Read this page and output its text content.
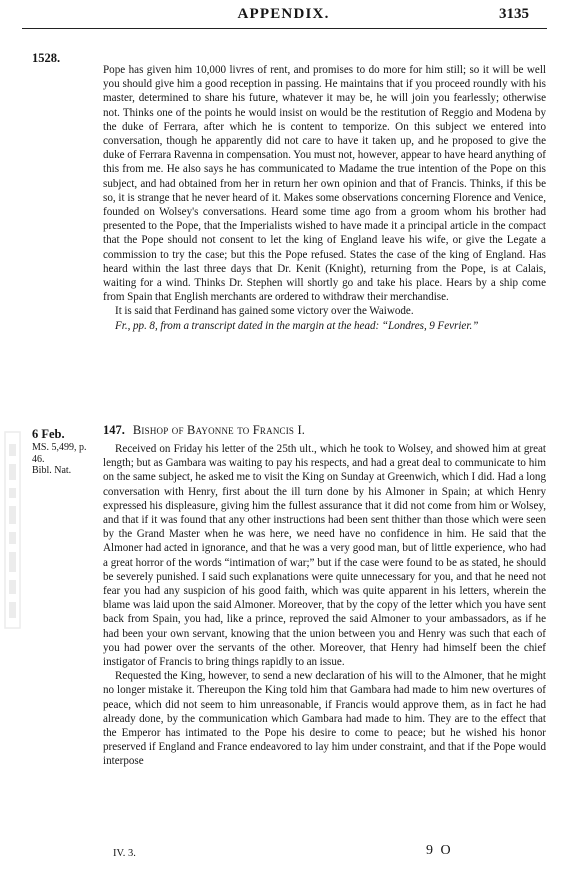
APPENDIX.	3135
1528.

Pope has given him 10,000 livres of rent, and promises to do more for him still; so it will be well you should give him a good reception in passing. He maintains that if you proceed roundly with his master, determined to share his future, whatever it may be, he will join you fearlessly; otherwise not. Thinks one of the points he would insist on would be the restitution of Reggio and Modena by the duke of Ferrara, after which he is content to temporize. On this subject we entered into conversation, though he apparently did not care to have it taken up, and he proposed to give the duke of Ferrara Ravenna in compensation. You must not, however, appear to have heard anything of this from me. He also says he has communicated to Madame the true intention of the Pope on this subject, and had obtained from her in return her own opinion and that of Francis. Thinks, if this be so, it is strange that he never heard of it. Makes some observations concerning Florence and Venice, founded on Wolsey's conversations. Heard some time ago from a groom whom his brother had presented to the Pope, that the Imperialists wished to have made it a principal article in the compact that the Pope should not consent to let the king of England leave his wife, or give the Legate a commission to try the case; but this the Pope refused. States the case of the king of England. Has heard within the last three days that Dr. Kenit (Knight), returning from the Pope, is at Calais, waiting for a wind. Thinks Dr. Stephen will shortly go and take his place. Hears by a ship come from Spain that English merchants are ordered to withdraw their merchandise.

It is said that Ferdinand has gained some victory over the Waiwode.

Fr., pp. 8, from a transcript dated in the margin at the head: “Londres, 9 Fevrier.”

147. Bishop of Bayonne to Francis I.
6 Feb.
MS. 5,499, p. 46.
Bibl. Nat.

Received on Friday his letter of the 25th ult., which he took to Wolsey, and showed him at great length; but as Gambara was waiting to pay his respects, and had a great deal to communicate to him on the same subject, he asked me to visit the King on Sunday at Greenwich, which I did. Had a long conversation with Henry, first about the ill turn done by his Almoner in Spain; at which Henry expressed his displeasure, giving him the fullest assurance that it did not come from him or Wolsey, and that if it was found that any other instructions had been sent thither than those which were seen by the Grand Master when he was here, we need have no confidence in him. He said that the Almoner had acted in ignorance, and that he was a very good man, but of little experience, who had a great horror of the words “intimation of war;” but if the case were found to be as stated, he should be severely punished. I said such explanations were quite unnecessary for you, and that he need not fear you had any suspicion of his good faith, which was quite apparent in his letters, wherein the blame was laid upon the said Almoner. Moreover, that by the copy of the letter which you have sent back from Spain, you had, like a prince, reproved the said Almoner to your ambassadors, as if he had been your own servant, knowing that the union between you and Henry was such that each of you had power over the servants of the other. Moreover, that Henry had himself been the chief instigator of Francis to bring things rapidly to an issue.

Requested the King, however, to send a new declaration of his will to the Almoner, that he might no longer mistake it. Thereupon the King told him that Gambara had made to him new overtures of peace, which did not seem to him unreasonable, if Francis would approve them, as in fact he had already done, by the communication which Gambara had made to him. They are to the effect that the Emperor has intimated to the Pope his desire to come to peace; but he wished his honor preserved if England and France endeavored to lay him under constraint, and that if the Pope would interpose

IV. 3.	9 O
